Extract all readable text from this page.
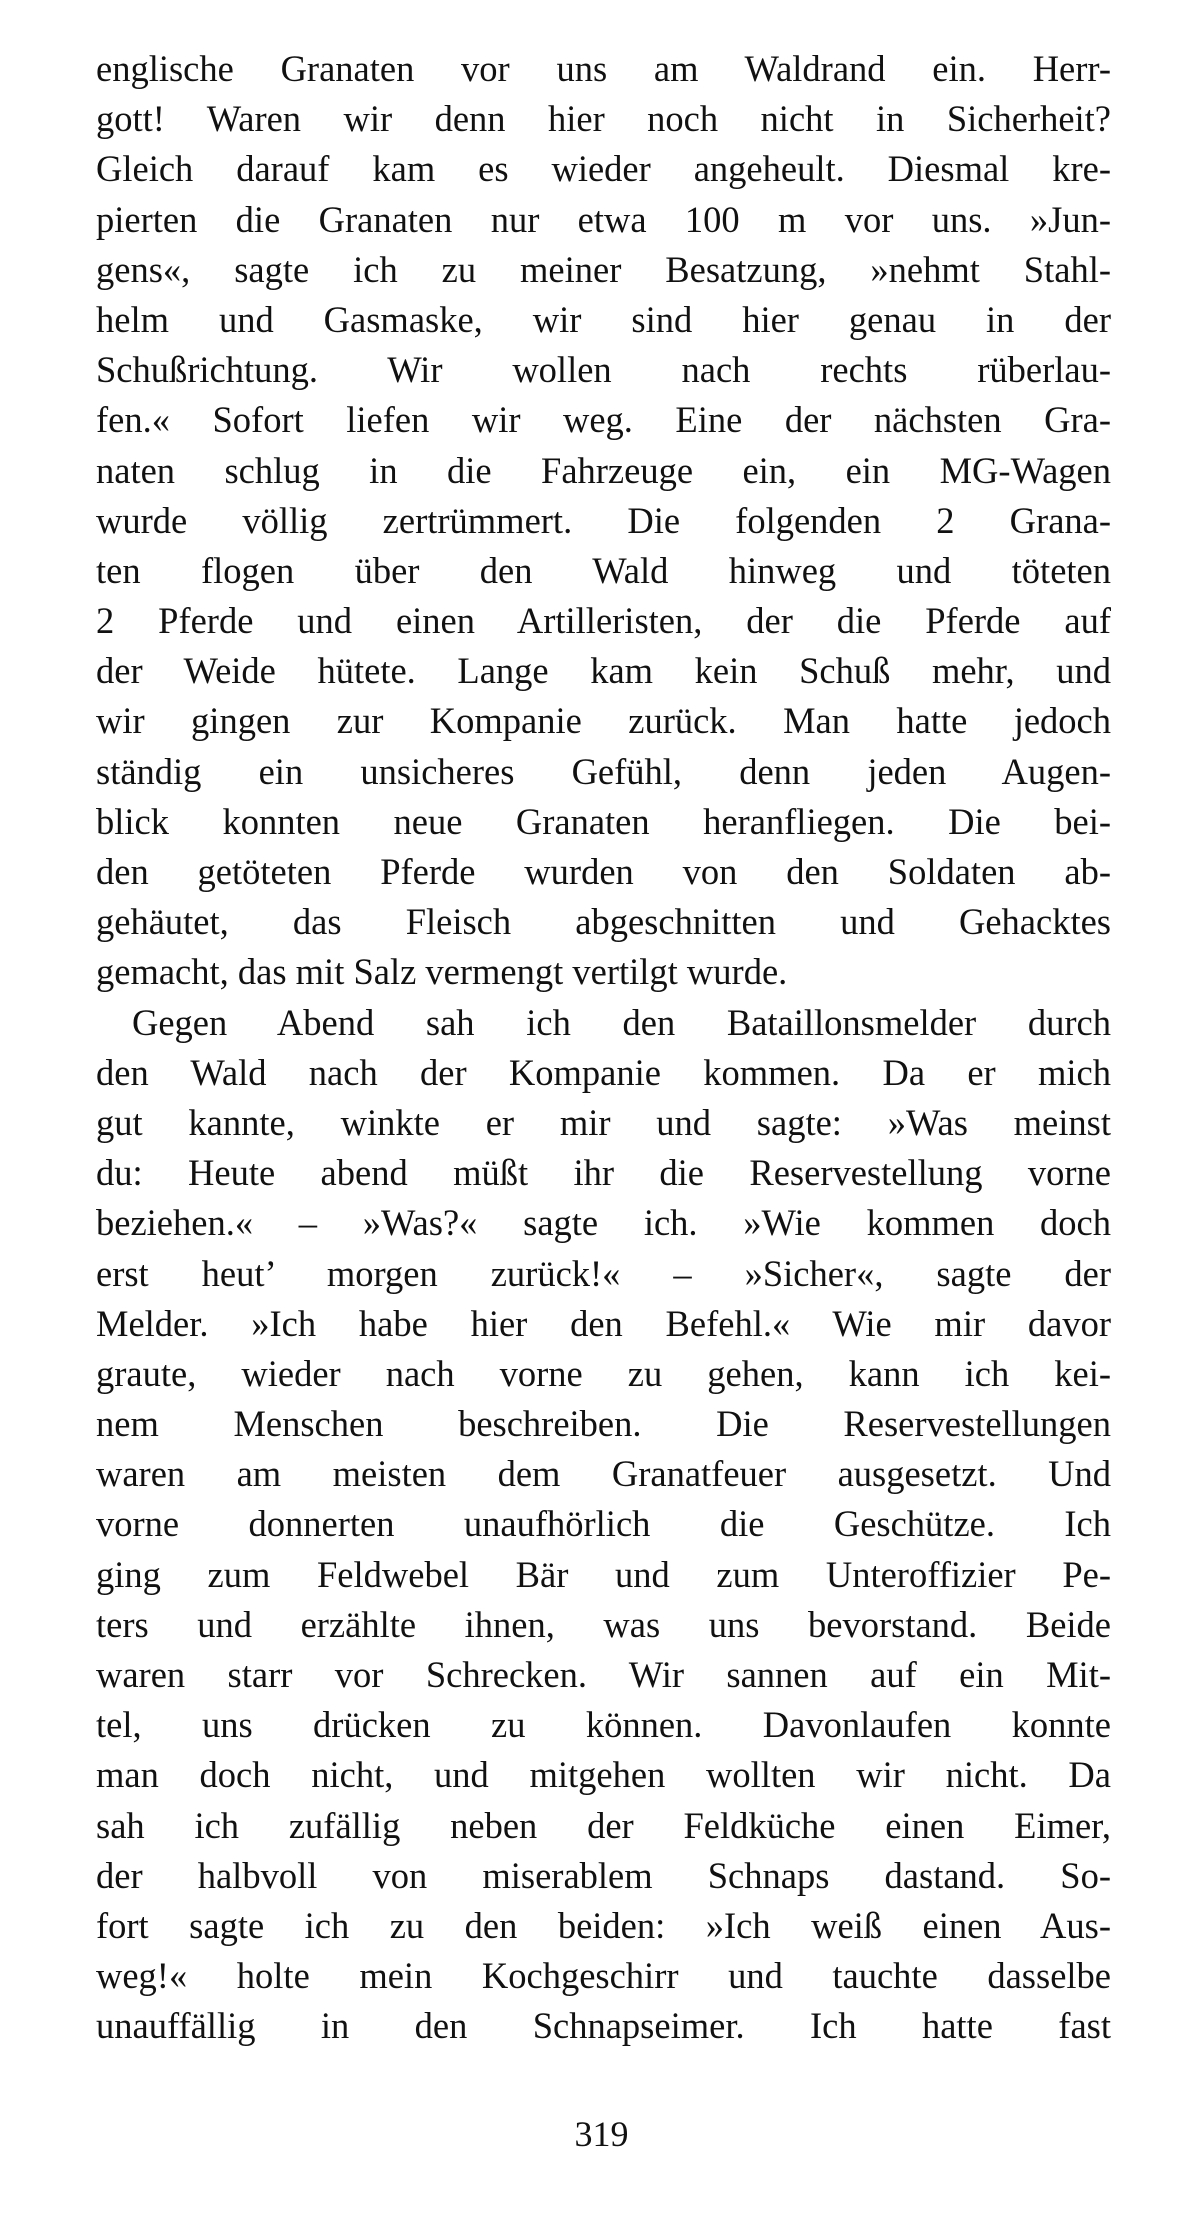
englische Granaten vor uns am Waldrand ein. Herr-
gott! Waren wir denn hier noch nicht in Sicherheit?
Gleich darauf kam es wieder angeheult. Diesmal kre-
pierten die Granaten nur etwa 100 m vor uns. »Jun-
gens«, sagte ich zu meiner Besatzung, »nehmt Stahl-
helm und Gasmaske, wir sind hier genau in der
Schußrichtung. Wir wollen nach rechts rüberlau-
fen.« Sofort liefen wir weg. Eine der nächsten Gra-
naten schlug in die Fahrzeuge ein, ein MG-Wagen
wurde völlig zertrümmert. Die folgenden 2 Grana-
ten flogen über den Wald hinweg und töteten
2 Pferde und einen Artilleristen, der die Pferde auf
der Weide hütete. Lange kam kein Schuß mehr, und
wir gingen zur Kompanie zurück. Man hatte jedoch
ständig ein unsicheres Gefühl, denn jeden Augen-
blick konnten neue Granaten heranfliegen. Die bei-
den getöteten Pferde wurden von den Soldaten ab-
gehäutet, das Fleisch abgeschnitten und Gehacktes
gemacht, das mit Salz vermengt vertilgt wurde.
Gegen Abend sah ich den Bataillonsmelder durch
den Wald nach der Kompanie kommen. Da er mich
gut kannte, winkte er mir und sagte: »Was meinst
du: Heute abend müßt ihr die Reservestellung vorne
beziehen.« – »Was?« sagte ich. »Wie kommen doch
erst heut’ morgen zurück!« – »Sicher«, sagte der
Melder. »Ich habe hier den Befehl.« Wie mir davor
graute, wieder nach vorne zu gehen, kann ich kei-
nem Menschen beschreiben. Die Reservestellungen
waren am meisten dem Granatfeuer ausgesetzt. Und
vorne donnerten unaufhörlich die Geschütze. Ich
ging zum Feldwebel Bär und zum Unteroffizier Pe-
ters und erzählte ihnen, was uns bevorstand. Beide
waren starr vor Schrecken. Wir sannen auf ein Mit-
tel, uns drücken zu können. Davonlaufen konnte
man doch nicht, und mitgehen wollten wir nicht. Da
sah ich zufällig neben der Feldküche einen Eimer,
der halbvoll von miserablem Schnaps dastand. So-
fort sagte ich zu den beiden: »Ich weiß einen Aus-
weg!« holte mein Kochgeschirr und tauchte dasselbe
unauffällig in den Schnapseimer. Ich hatte fast
319
